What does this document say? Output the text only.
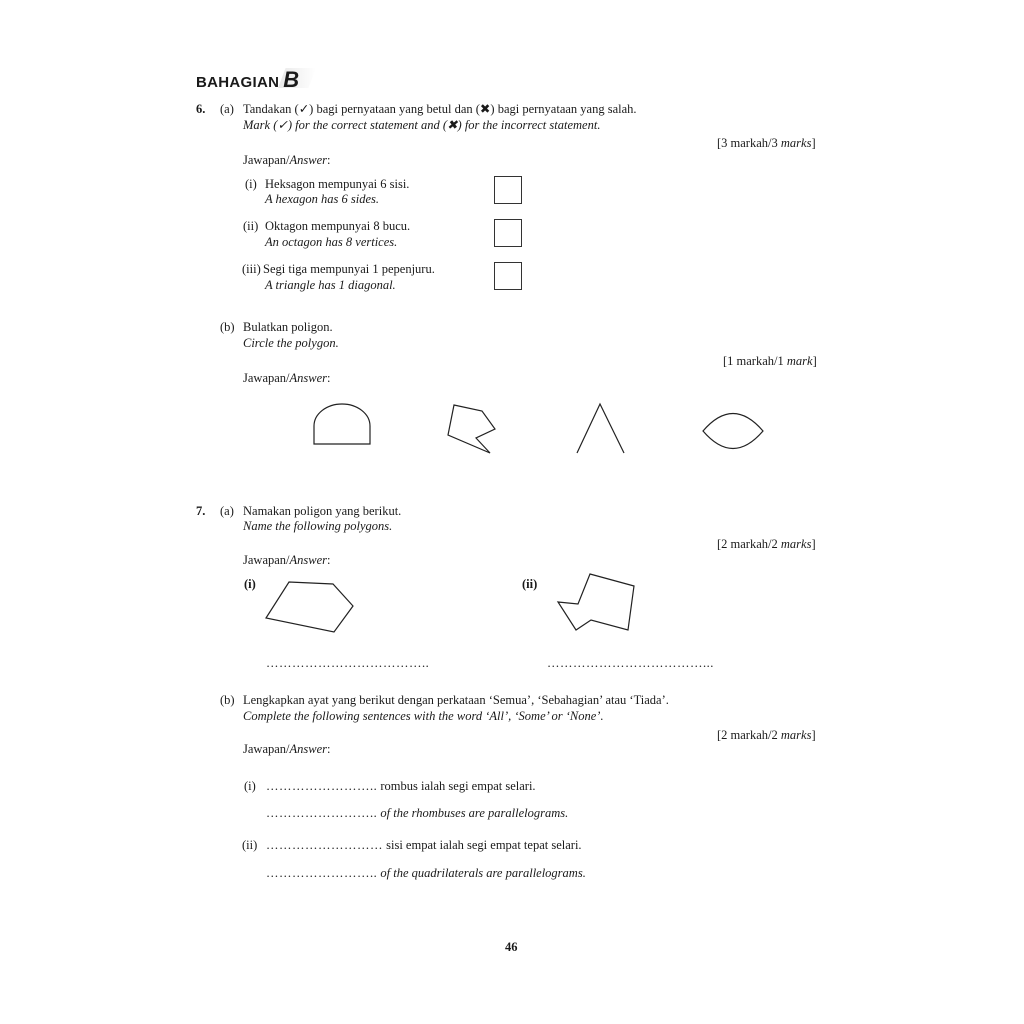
BAHAGIAN B
6. (a) Tandakan (✓) bagi pernyataan yang betul dan (✖) bagi pernyataan yang salah.
Mark (✓) for the correct statement and (✖) for the incorrect statement.
[3 markah/3 marks]
Jawapan/Answer:
(i) Heksagon mempunyai 6 sisi.
A hexagon has 6 sides.
(ii) Oktagon mempunyai 8 bucu.
An octagon has 8 vertices.
(iii) Segi tiga mempunyai 1 pepenjuru.
A triangle has 1 diagonal.
(b) Bulatkan poligon.
Circle the polygon.
[1 markah/1 mark]
Jawapan/Answer:
7. (a) Namakan poligon yang berikut.
Name the following polygons.
[2 markah/2 marks]
Jawapan/Answer:
(i)	(ii)
………………………………..	………………………………...
(b) Lengkapkan ayat yang berikut dengan perkataan ‘Semua’, ‘Sebahagian’ atau ‘Tiada’.
Complete the following sentences with the word ‘All’, ‘Some’ or ‘None’.
[2 markah/2 marks]
Jawapan/Answer:
(i) …………………….. rombus ialah segi empat selari.
…………………….. of the rhombuses are parallelograms.
(ii) ……………………… sisi empat ialah segi empat tepat selari.
…………………….. of the quadrilaterals are parallelograms.
46
